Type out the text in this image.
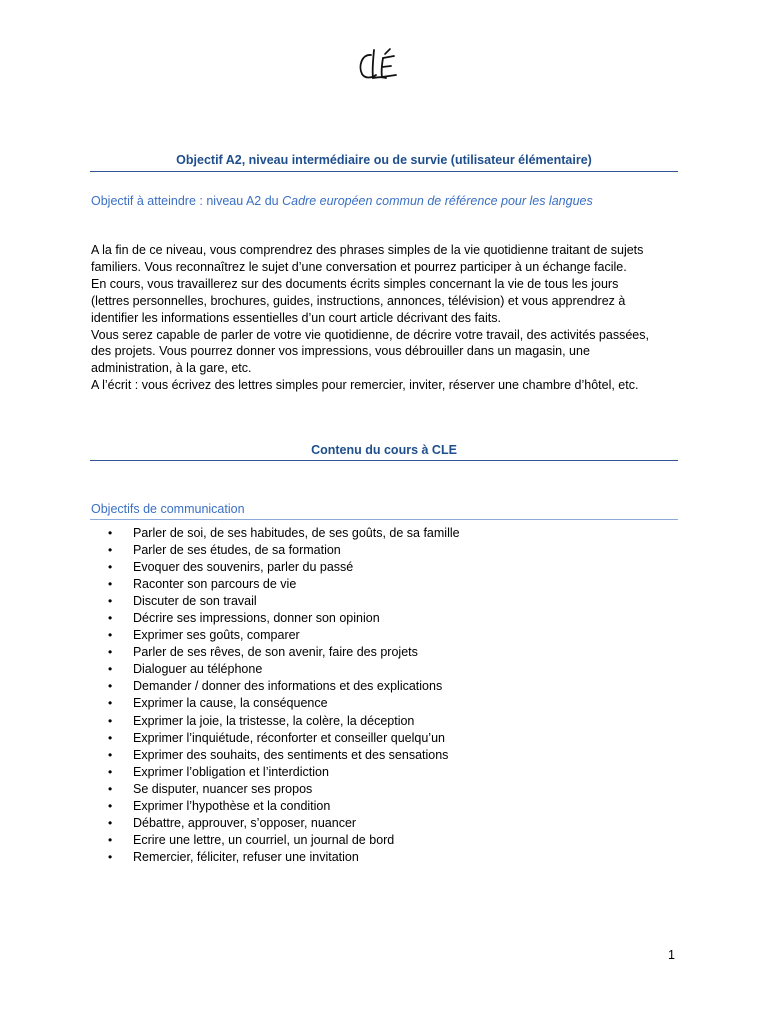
Objectif A2, niveau intermédiaire ou de survie (utilisateur élémentaire)
Objectif à atteindre : niveau A2 du Cadre européen commun de référence pour les langues
A la fin de ce niveau, vous comprendrez des phrases simples de la vie quotidienne traitant de sujets
familiers. Vous reconnaîtrez le sujet d’une conversation et pourrez participer à un échange facile.
En cours, vous travaillerez sur des documents écrits simples concernant la vie de tous les jours
(lettres personnelles, brochures, guides, instructions, annonces, télévision) et vous apprendrez à
identifier les informations essentielles d’un court article décrivant des faits.
Vous serez capable de parler de votre vie quotidienne, de décrire votre travail, des activités passées,
des projets. Vous pourrez donner vos impressions, vous débrouiller dans un magasin, une
administration, à la gare, etc.
A l’écrit : vous écrivez des lettres simples pour remercier, inviter, réserver une chambre d’hôtel, etc.
Contenu du cours à CLE
Objectifs de communication
• Parler de soi, de ses habitudes, de ses goûts, de sa famille
• Parler de ses études, de sa formation
• Evoquer des souvenirs, parler du passé
• Raconter son parcours de vie
• Discuter de son travail
• Décrire ses impressions, donner son opinion
• Exprimer ses goûts, comparer
• Parler de ses rêves, de son avenir, faire des projets
• Dialoguer au téléphone
• Demander / donner des informations et des explications
• Exprimer la cause, la conséquence
• Exprimer la joie, la tristesse, la colère, la déception
• Exprimer l’inquiétude, réconforter et conseiller quelqu’un
• Exprimer des souhaits, des sentiments et des sensations
• Exprimer l’obligation et l’interdiction
• Se disputer, nuancer ses propos
• Exprimer l’hypothèse et la condition
• Débattre, approuver, s’opposer, nuancer
• Ecrire une lettre, un courriel, un journal de bord
• Remercier, féliciter, refuser une invitation
1
